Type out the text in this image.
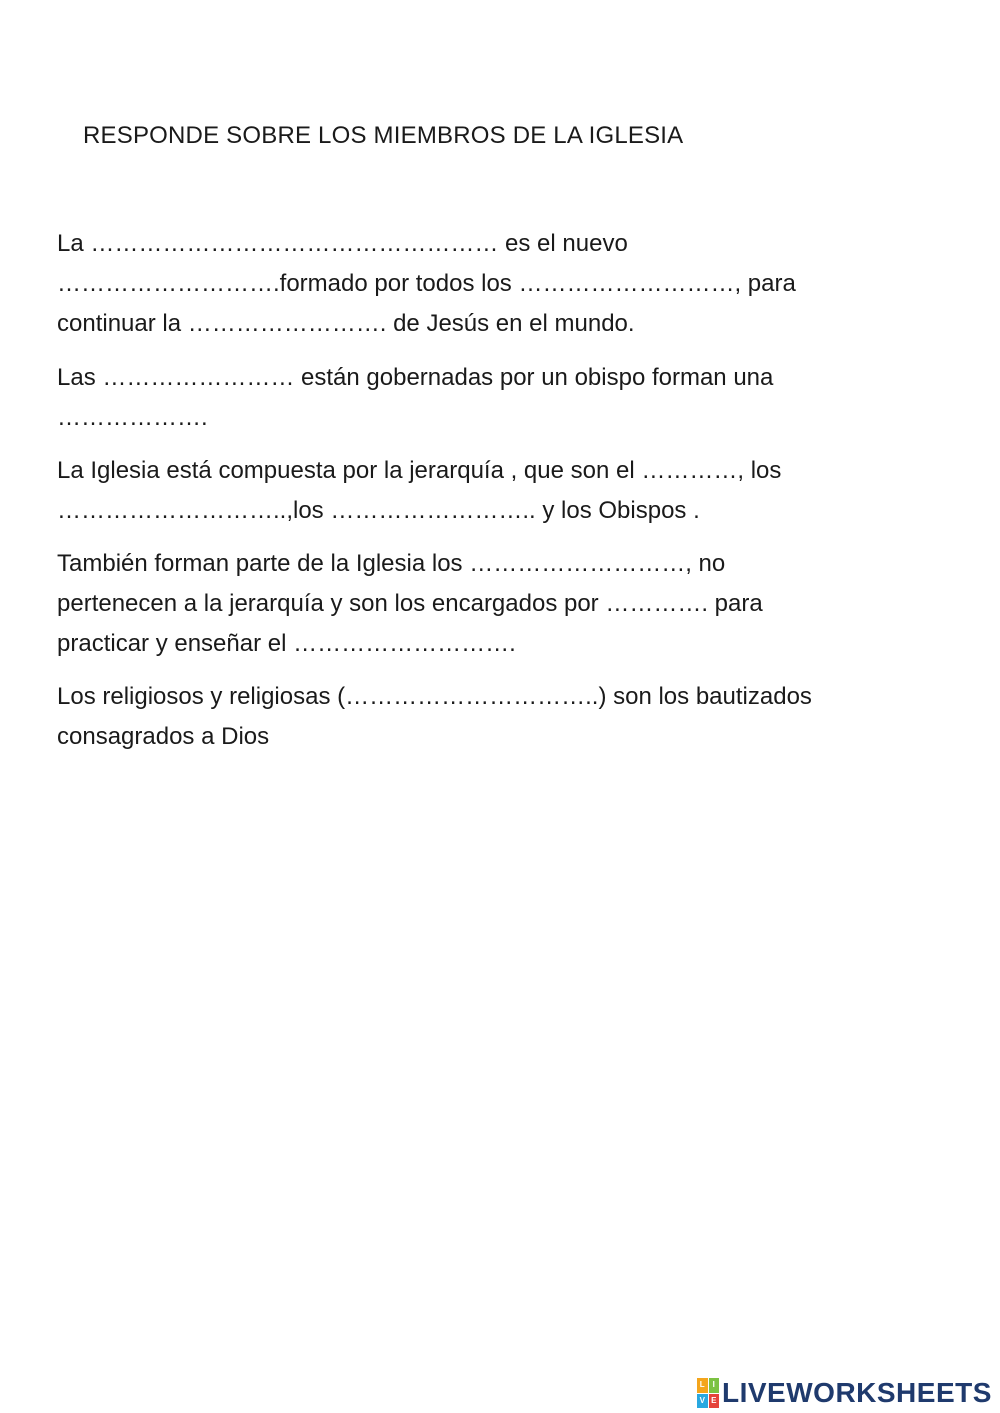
RESPONDE SOBRE LOS MIEMBROS DE LA IGLESIA

La …………………………………………… es el nuevo
……………………….formado por todos los ………………………, para
continuar la ……………………. de Jesús en el mundo.

Las …………………… están gobernadas por un obispo forman una
……………….

La Iglesia está compuesta por la jerarquía , que son el …………, los
………………………..,los …………………….. y los Obispos .

También forman parte de la Iglesia los ………………………, no
pertenecen a la jerarquía y son los encargados por …………. para
practicar y enseñar el ……………………….

Los religiosos y religiosas (…………………………..) son los bautizados
consagrados a Dios

L I
V E LIVEWORKSHEETS
